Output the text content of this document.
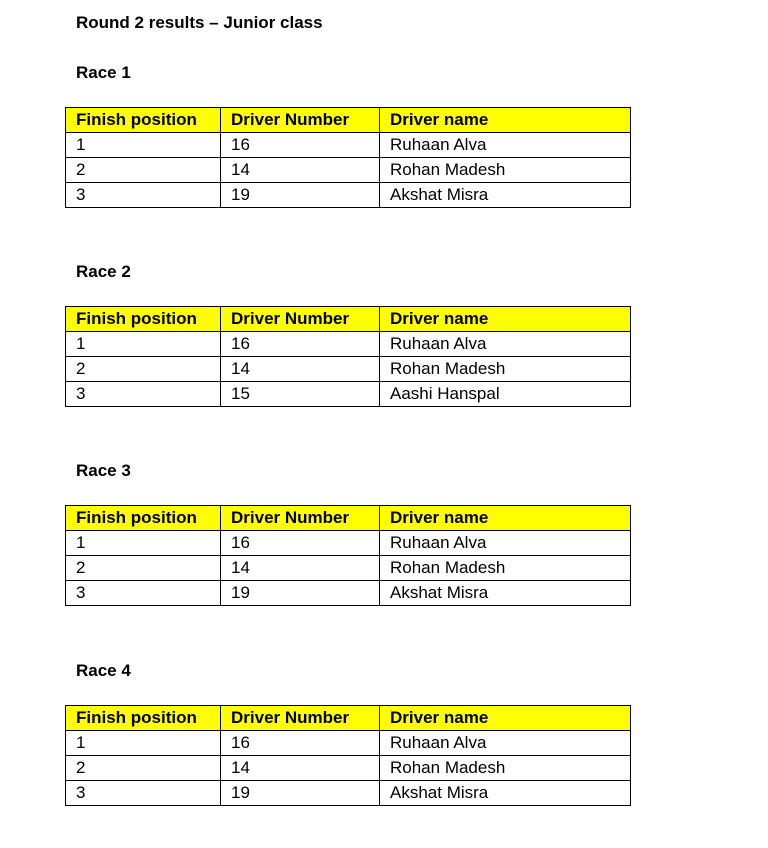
Round 2 results – Junior class
Race 1
Finish position	Driver Number	Driver name
1	16	Ruhaan Alva
2	14	Rohan Madesh
3	19	Akshat Misra
Race 2
Finish position	Driver Number	Driver name
1	16	Ruhaan Alva
2	14	Rohan Madesh
3	15	Aashi Hanspal
Race 3
Finish position	Driver Number	Driver name
1	16	Ruhaan Alva
2	14	Rohan Madesh
3	19	Akshat Misra
Race 4
Finish position	Driver Number	Driver name
1	16	Ruhaan Alva
2	14	Rohan Madesh
3	19	Akshat Misra
